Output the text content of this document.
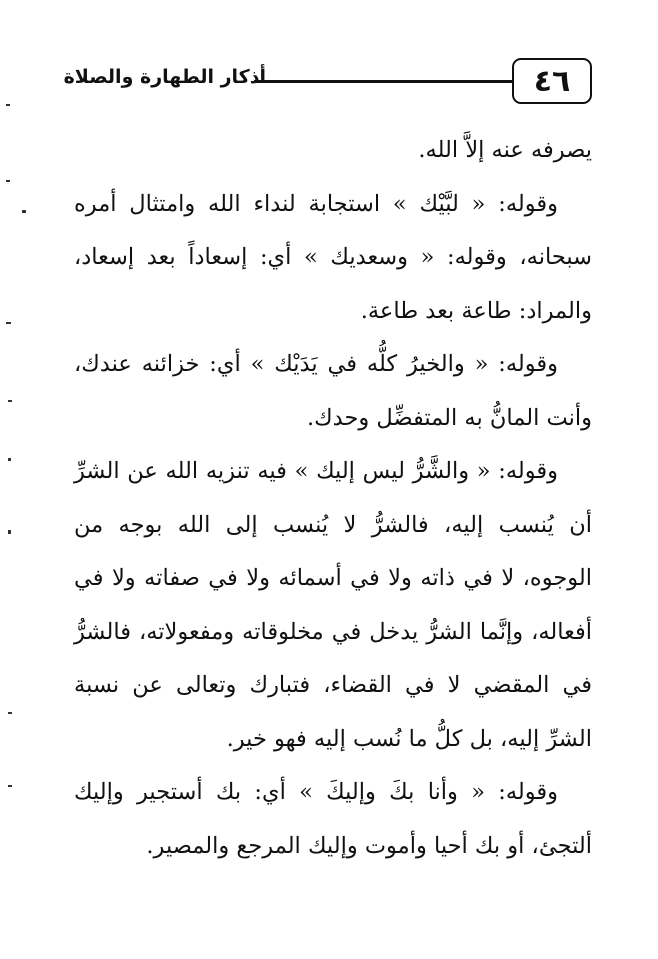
٤٦
أذكار الطهارة والصلاة

يصرفه عنه إلاَّ الله.

وقوله: « لبَّيْك » استجابة لنداء الله وامتثال أمره سبحانه، وقوله: « وسعديك » أي: إسعاداً بعد إسعاد، والمراد: طاعة بعد طاعة.

وقوله: « والخيرُ كلُّه في يَدَيْك » أي: خزائنه عندك، وأنت المانُّ به المتفضِّل وحدك.

وقوله: « والشَّرُّ ليس إليك » فيه تنزيه الله عن الشرِّ أن يُنسب إليه، فالشرُّ لا يُنسب إلى الله بوجه من الوجوه، لا في ذاته ولا في أسمائه ولا في صفاته ولا في أفعاله، وإنَّما الشرُّ يدخل في مخلوقاته ومفعولاته، فالشرُّ في المقضي لا في القضاء، فتبارك وتعالى عن نسبة الشرِّ إليه، بل كلُّ ما نُسب إليه فهو خير.

وقوله: « وأنا بكَ وإليكَ » أي: بك أستجير وإليك ألتجئ، أو بك أحيا وأموت وإليك المرجع والمصير.
